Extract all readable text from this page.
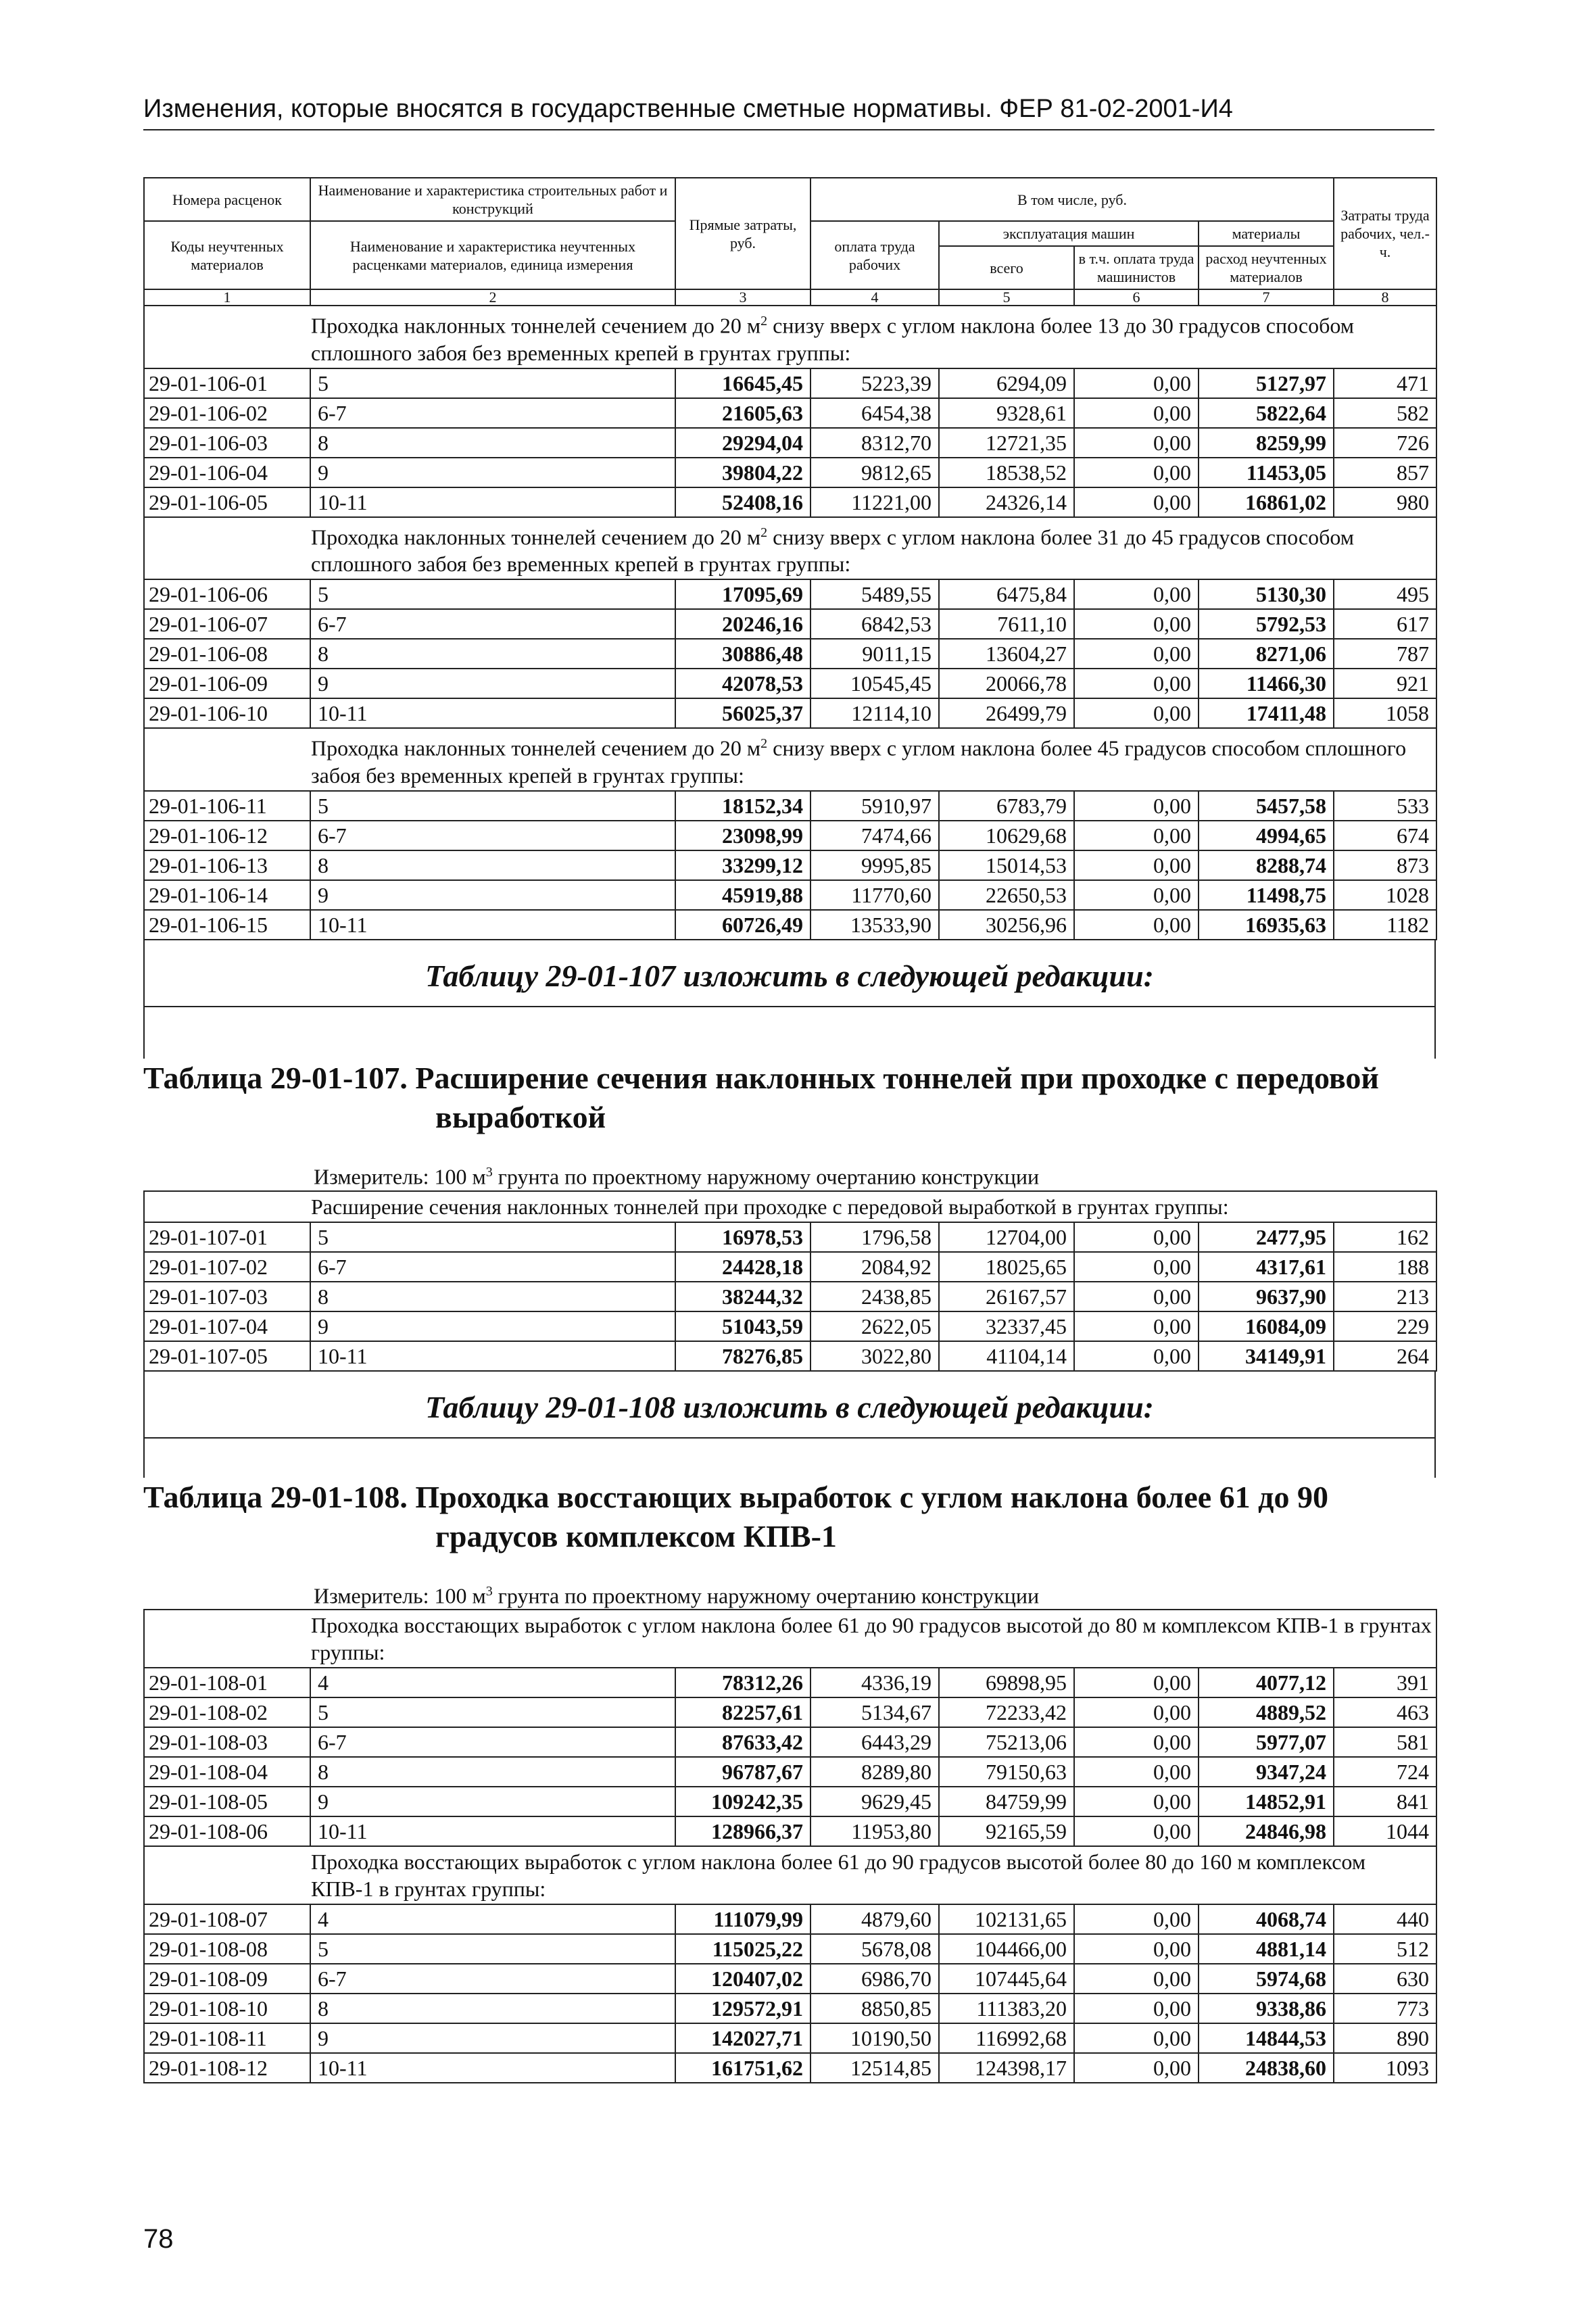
Изменения, которые вносятся в государственные сметные нормативы. ФЕР 81-02-2001-И4
Номера расценок	Наименование и характеристика строительных работ и конструкций	Прямые затраты, руб.	В том числе, руб.				Затраты труда рабочих, чел.-ч.
Коды неучтенных материалов	Наименование и характеристика неучтенных расценками материалов, единица измерения		оплата труда рабочих	эксплуатация машин		материалы	
				всего	в т.ч. оплата труда машинистов	расход неучтенных материалов	
1	2	3	4	5	6	7	8
Проходка наклонных тоннелей сечением до 20 $м^2$ снизу вверх с углом наклона более 13 до 30 градусов способом сплошного забоя без временных крепей в грунтах группы:							
29-01-106-01	5	16645,45	5223,39	6294,09	0,00	5127,97	471
29-01-106-02	6-7	21605,63	6454,38	9328,61	0,00	5822,64	582
29-01-106-03	8	29294,04	8312,70	12721,35	0,00	8259,99	726
29-01-106-04	9	39804,22	9812,65	18538,52	0,00	11453,05	857
29-01-106-05	10-11	52408,16	11221,00	24326,14	0,00	16861,02	980
Проходка наклонных тоннелей сечением до 20 $м^2$ снизу вверх с углом наклона более 31 до 45 градусов способом сплошного забоя без временных крепей в грунтах группы:							
29-01-106-06	5	17095,69	5489,55	6475,84	0,00	5130,30	495
29-01-106-07	6-7	20246,16	6842,53	7611,10	0,00	5792,53	617
29-01-106-08	8	30886,48	9011,15	13604,27	0,00	8271,06	787
29-01-106-09	9	42078,53	10545,45	20066,78	0,00	11466,30	921
29-01-106-10	10-11	56025,37	12114,10	26499,79	0,00	17411,48	1058
Проходка наклонных тоннелей сечением до 20 $м^2$ снизу вверх с углом наклона более 45 градусов способом сплошного забоя без временных крепей в грунтах группы:							
29-01-106-11	5	18152,34	5910,97	6783,79	0,00	5457,58	533
29-01-106-12	6-7	23098,99	7474,66	10629,68	0,00	4994,65	674
29-01-106-13	8	33299,12	9995,85	15014,53	0,00	8288,74	873
29-01-106-14	9	45919,88	11770,60	22650,53	0,00	11498,75	1028
29-01-106-15	10-11	60726,49	13533,90	30256,96	0,00	16935,63	1182
Таблицу 29-01-107 изложить в следующей редакции:
Таблица 29-01-107. Расширение сечения наклонных тоннелей при проходке с передовой
выработкой
Измеритель: 100 $м^3$ грунта по проектному наружному очертанию конструкции
Расширение сечения наклонных тоннелей при проходке с передовой выработкой в грунтах группы:							
29-01-107-01	5	16978,53	1796,58	12704,00	0,00	2477,95	162
29-01-107-02	6-7	24428,18	2084,92	18025,65	0,00	4317,61	188
29-01-107-03	8	38244,32	2438,85	26167,57	0,00	9637,90	213
29-01-107-04	9	51043,59	2622,05	32337,45	0,00	16084,09	229
29-01-107-05	10-11	78276,85	3022,80	41104,14	0,00	34149,91	264
Таблицу 29-01-108 изложить в следующей редакции:
Таблица 29-01-108. Проходка восстающих выработок с углом наклона более 61 до 90
градусов комплексом КПВ-1
Измеритель: 100 $м^3$ грунта по проектному наружному очертанию конструкции
Проходка восстающих выработок с углом наклона более 61 до 90 градусов высотой до 80 м комплексом КПВ-1 в грунтах группы:							
29-01-108-01	4	78312,26	4336,19	69898,95	0,00	4077,12	391
29-01-108-02	5	82257,61	5134,67	72233,42	0,00	4889,52	463
29-01-108-03	6-7	87633,42	6443,29	75213,06	0,00	5977,07	581
29-01-108-04	8	96787,67	8289,80	79150,63	0,00	9347,24	724
29-01-108-05	9	109242,35	9629,45	84759,99	0,00	14852,91	841
29-01-108-06	10-11	128966,37	11953,80	92165,59	0,00	24846,98	1044
Проходка восстающих выработок с углом наклона более 61 до 90 градусов высотой более 80 до 160 м комплексом КПВ-1 в грунтах группы:							
29-01-108-07	4	111079,99	4879,60	102131,65	0,00	4068,74	440
29-01-108-08	5	115025,22	5678,08	104466,00	0,00	4881,14	512
29-01-108-09	6-7	120407,02	6986,70	107445,64	0,00	5974,68	630
29-01-108-10	8	129572,91	8850,85	111383,20	0,00	9338,86	773
29-01-108-11	9	142027,71	10190,50	116992,68	0,00	14844,53	890
29-01-108-12	10-11	161751,62	12514,85	124398,17	0,00	24838,60	1093
78
